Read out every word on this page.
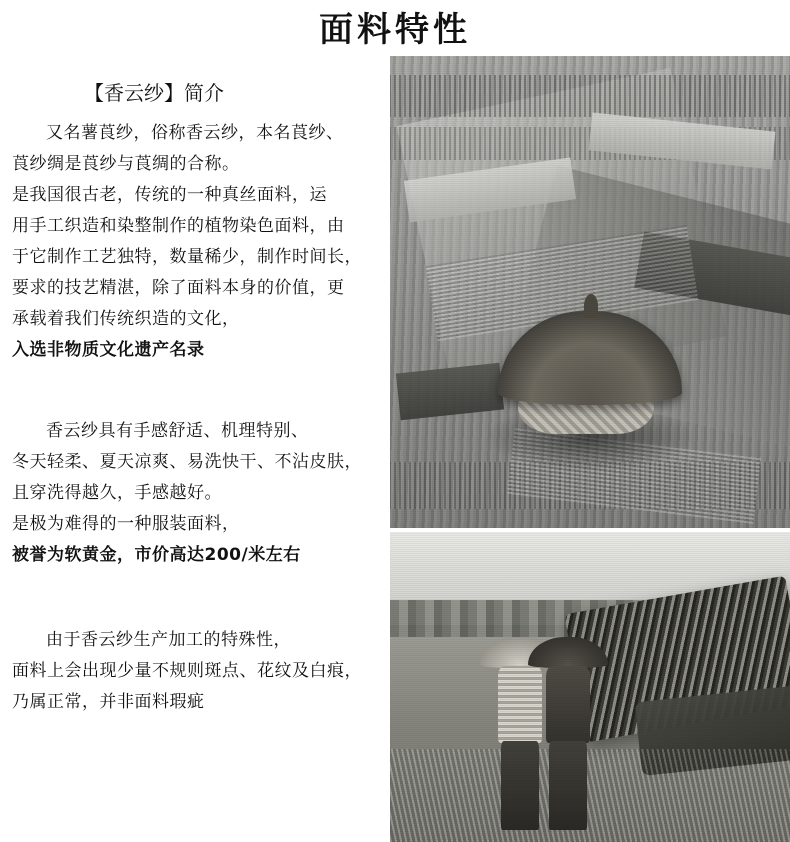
面料特性
【香云纱】简介
又名薯莨纱，俗称香云纱，本名莨纱、
莨纱绸是莨纱与莨绸的合称。
是我国很古老，传统的一种真丝面料，运
用手工织造和染整制作的植物染色面料，由
于它制作工艺独特，数量稀少，制作时间长，
要求的技艺精湛，除了面料本身的价值，更
承载着我们传统织造的文化，
入选非物质文化遗产名录
香云纱具有手感舒适、机理特别、
冬天轻柔、夏天凉爽、易洗快干、不沾皮肤，
且穿洗得越久，手感越好。
是极为难得的一种服装面料，
被誉为软黄金，市价高达200/米左右
由于香云纱生产加工的特殊性，
面料上会出现少量不规则斑点、花纹及白痕，
乃属正常，并非面料瑕疵
